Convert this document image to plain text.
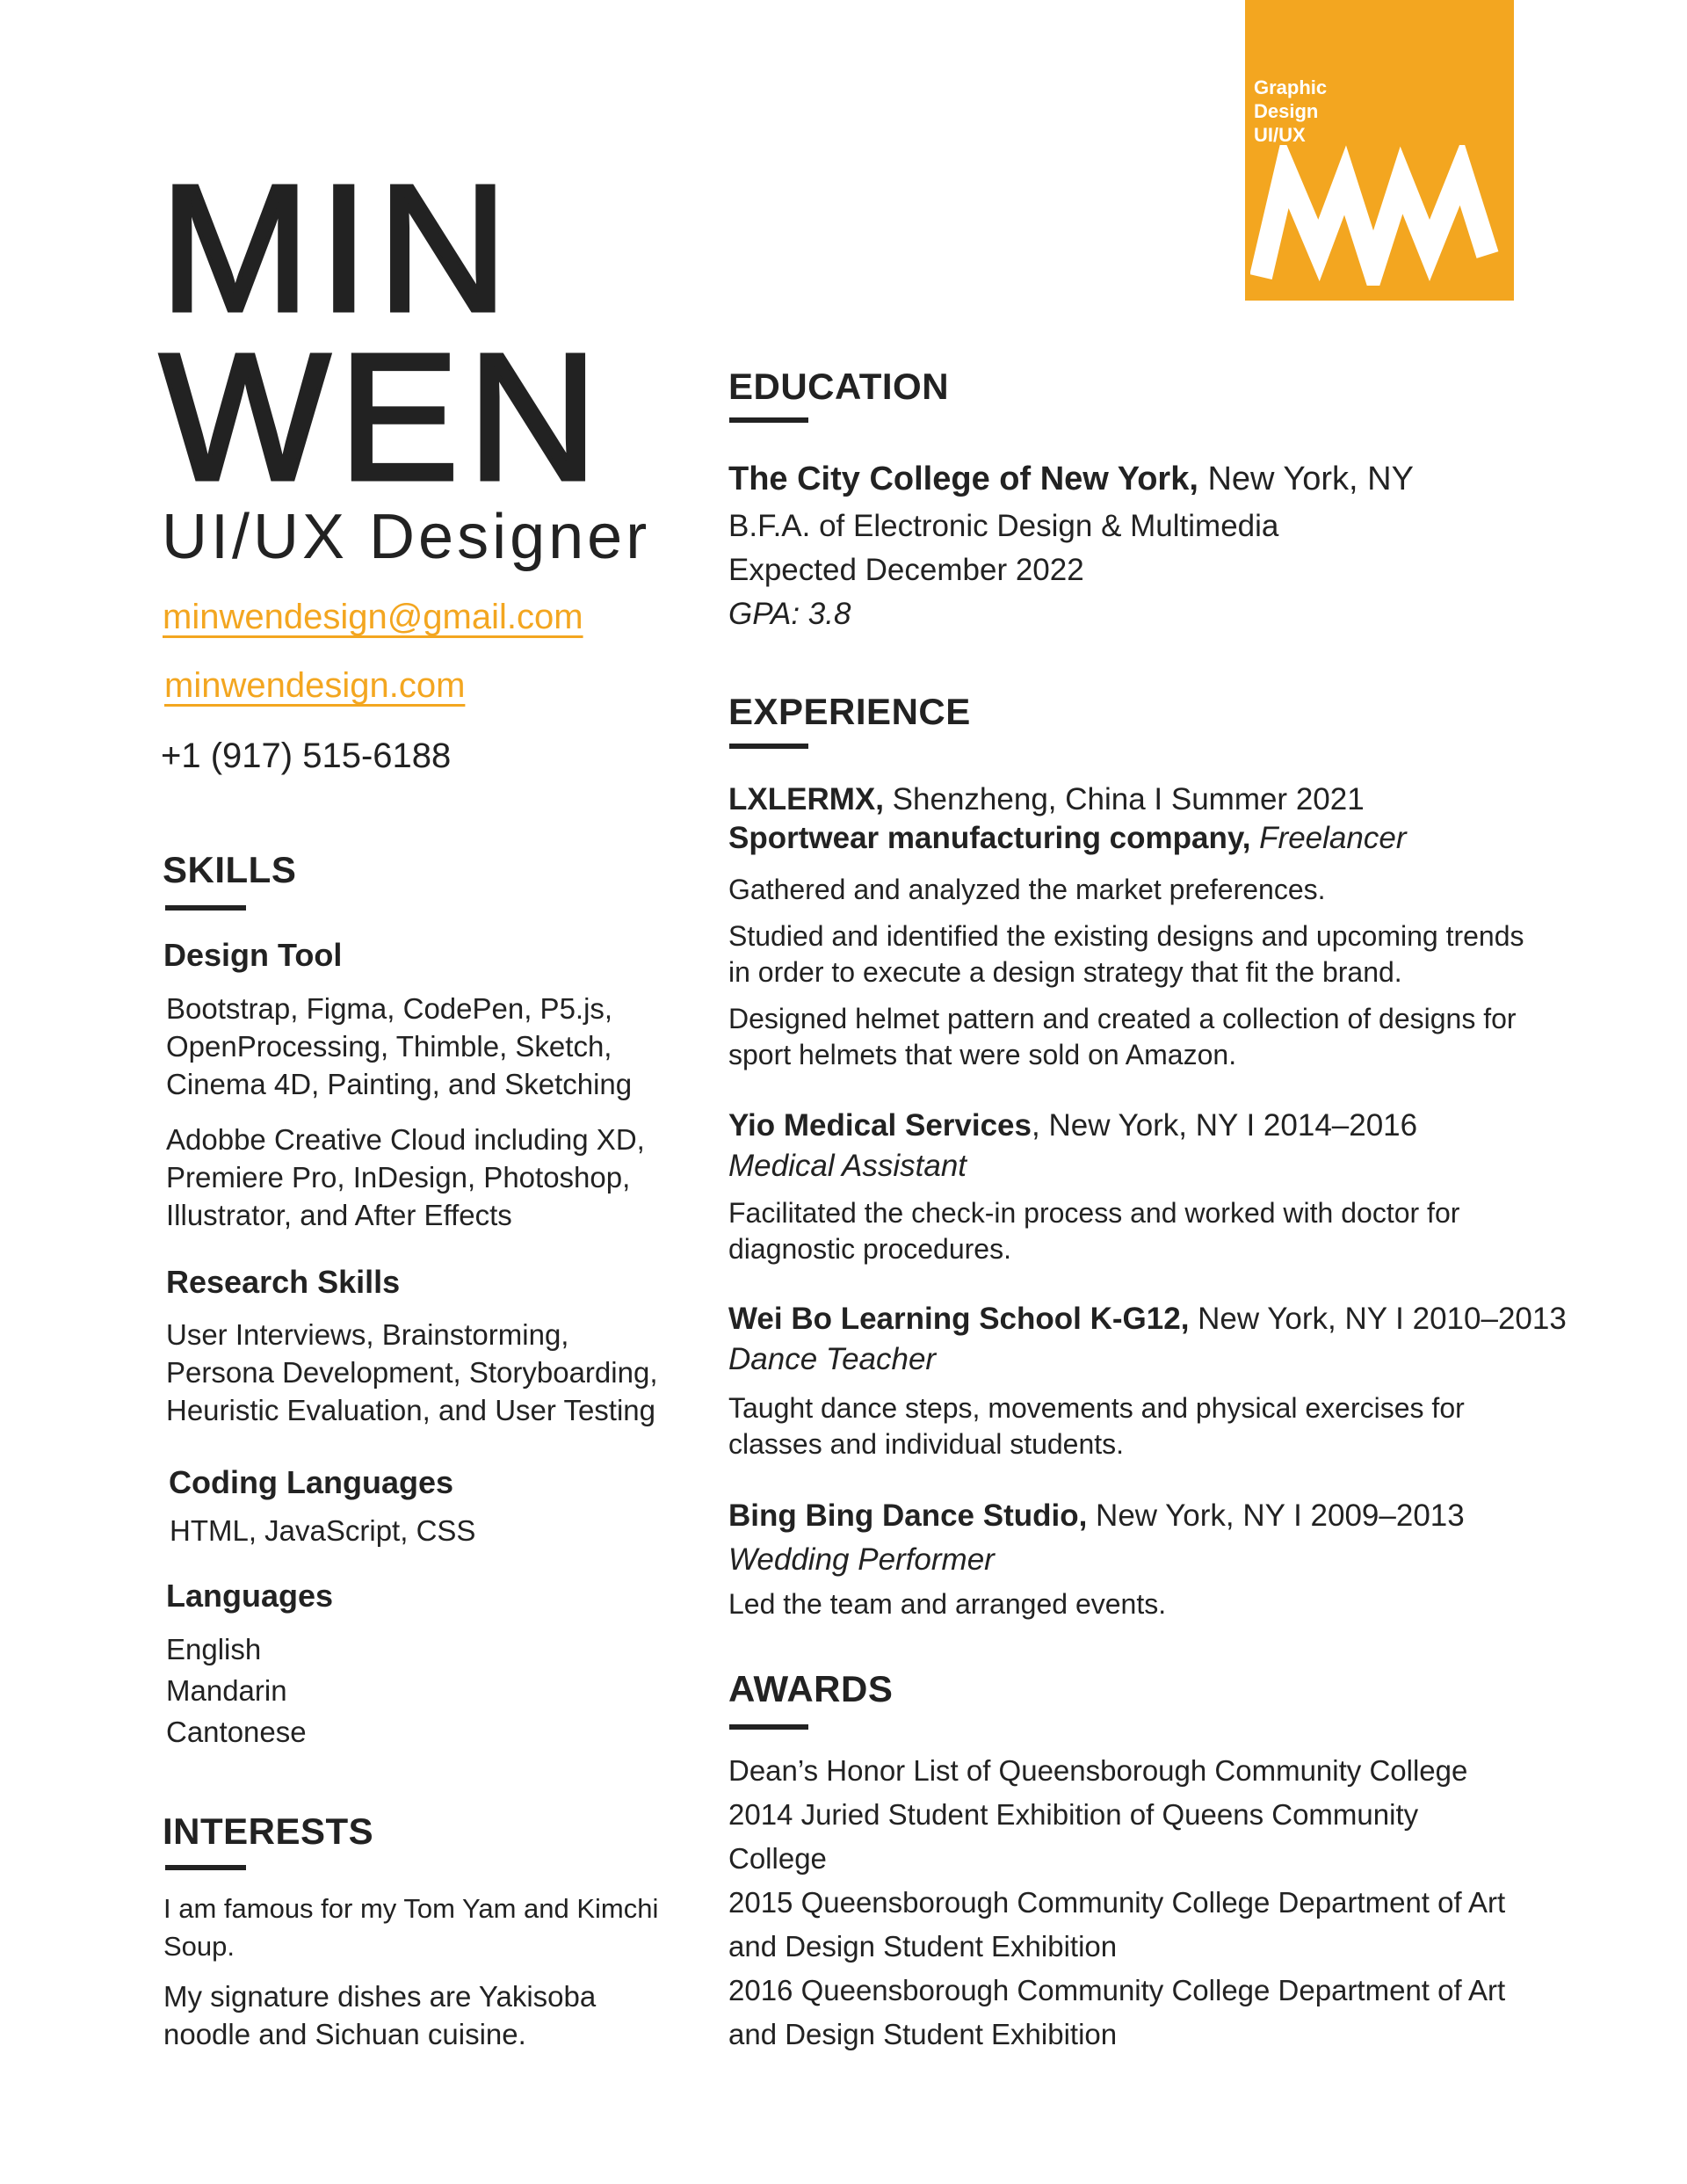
Graphic
Design
UI/UX
MIN
WEN
UI/UX Designer
minwendesign@gmail.com
minwendesign.com
+1 (917) 515-6188
SKILLS
Design Tool

Bootstrap, Figma, CodePen, P5.js, OpenProcessing, Thimble, Sketch, Cinema 4D, Painting, and Sketching

Adobbe Creative Cloud including XD, Premiere Pro, InDesign, Photoshop, Illustrator, and After Effects

Research Skills
User Interviews, Brainstorming, Persona Development, Storyboarding, Heuristic Evaluation, and User Testing
Coding Languages
HTML, JavaScript, CSS
Languages

English

Mandarin

Cantonese

INTERESTS

I am famous for my Tom Yam and Kimchi Soup.

My signature dishes are Yakisoba noodle and Sichuan cuisine.

EDUCATION

The City College of New York, New York, NY

B.F.A. of Electronic Design & Multimedia

Expected December 2022

GPA: 3.8

EXPERIENCE

LXLERMX, Shenzheng, China I Summer 2021

Sportwear manufacturing company, Freelancer

Gathered and analyzed the market preferences.

Studied and identified the existing designs and upcoming trends in order to execute a design strategy that fit the brand.

Designed helmet pattern and created a collection of designs for sport helmets that were sold on Amazon.

Yio Medical Services, New York, NY I 2014–2016

Medical Assistant

Facilitated the check-in process and worked with doctor for diagnostic procedures.

Wei Bo Learning School K-G12, New York, NY I 2010–2013

Dance Teacher

Taught dance steps, movements and physical exercises for classes and individual students.

Bing Bing Dance Studio, New York, NY I 2009–2013

Wedding Performer

Led the team and arranged events.

AWARDS

Dean’s Honor List of Queensborough Community College

2014 Juried Student Exhibition of Queens Community College

2015 Queensborough Community College Department of Art and Design Student Exhibition

2016 Queensborough Community College Department of Art and Design Student Exhibition
